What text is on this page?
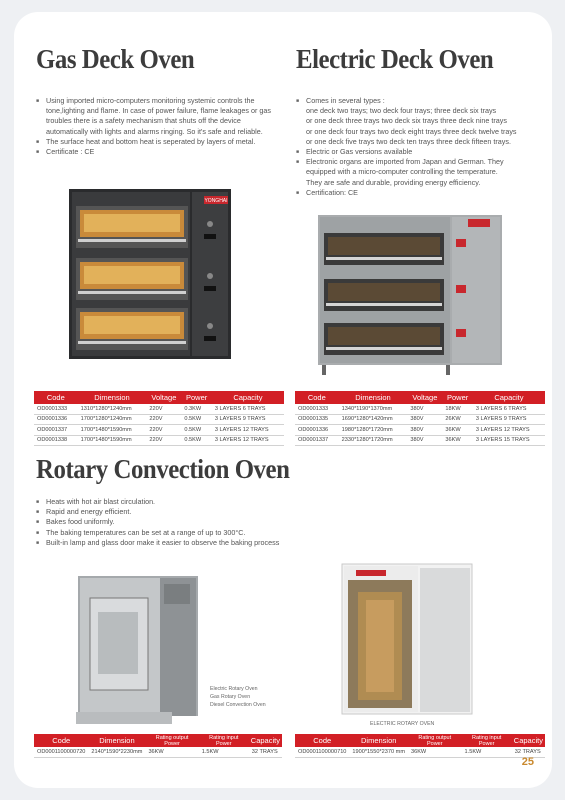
Gas Deck Oven
■ Using imported micro-computers monitoring systemic controls the tone,lighting and flame. In case of power failure, flame leakages or gas troubles there is a safety mechanism that shuts off the device automatically with lights and alarms ringing. So it's safe and reliable.
■ The surface heat and bottom heat is seperated by layers of metal.
■ Certificate : CE
YONGHAI
Code	Dimension	Voltage	Power	Capacity
OD0001333	1310*1280*1240mm	220V	0.3KW	3 LAYERS 6 TRAYS
OD0001336	1700*1280*1240mm	220V	0.5KW	3 LAYERS 9 TRAYS
OD0001337	1700*1480*1590mm	220V	0.5KW	3 LAYERS 12 TRAYS
OD0001338	1700*1480*1590mm	220V	0.5KW	3 LAYERS 12 TRAYS
Electric Deck Oven
■ Comes in several types :
one deck two trays; two deck four trays; three deck six trays
or one deck three trays two deck six trays three deck nine trays
or one deck four trays two deck eight trays three deck twelve trays
or one deck five trays two deck ten trays three deck fifteen trays.
■ Electric or Gas versions available
■ Electronic organs are imported from Japan and German. They
equipped with a micro-computer controlling the temperature.
They are safe and durable, providing energy efficiency.
■ Certification: CE
Code	Dimension	Voltage	Power	Capacity
OD0001333	1340*1190*1370mm	380V	18KW	3 LAYERS 6 TRAYS
OD0001335	1690*1280*1420mm	380V	26KW	3 LAYERS 9 TRAYS
OD0001336	1980*1280*1720mm	380V	36KW	3 LAYERS 12 TRAYS
OD0001337	2330*1280*1720mm	380V	36KW	3 LAYERS 15 TRAYS
Rotary Convection Oven
■ Heats with hot air blast circulation.
■ Rapid and energy efficient.
■ Bakes food uniformly.
■ The baking temperatures can be set at a range of up to 300°C.
■ Built-in lamp and glass door make it easier to observe the baking process
Electric Rotary Oven
Gas Rotary Oven
Diesel Convection Oven
ELECTRIC ROTARY OVEN
Code	Dimension	Rating output Power	Rating input Power	Capacity
OD0001100000720	2140*1590*2230mm	36KW	1.5KW	32 TRAYS
Code	Dimension	Rating output Power	Rating input Power	Capacity
OD0001100000710	1900*1550*2370 mm	36KW	1.5KW	32 TRAYS
25
